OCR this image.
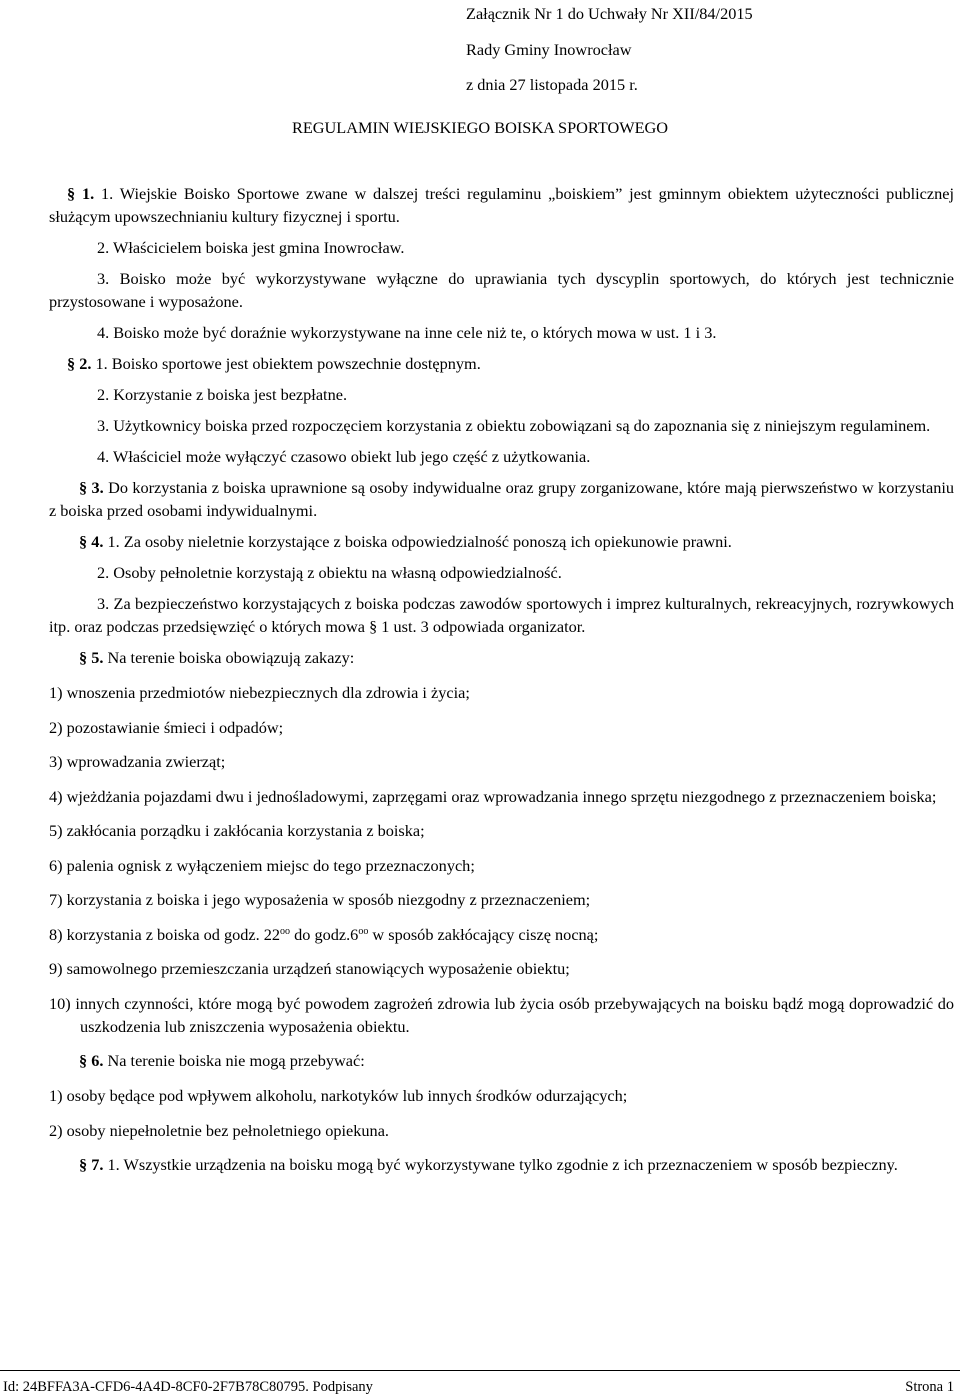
Załącznik Nr 1 do Uchwały Nr XII/84/2015

Rady Gminy Inowrocław

z dnia 27 listopada 2015 r.

REGULAMIN WIEJSKIEGO BOISKA SPORTOWEGO

§ 1. 1. Wiejskie Boisko Sportowe zwane w dalszej treści regulaminu „boiskiem” jest gminnym obiektem użyteczności publicznej służącym upowszechnianiu kultury fizycznej i sportu.

2. Właścicielem boiska jest gmina Inowrocław.

3. Boisko może być wykorzystywane wyłączne do uprawiania tych dyscyplin sportowych, do których jest technicznie przystosowane i wyposażone.

4. Boisko może być doraźnie wykorzystywane na inne cele niż te, o których mowa w ust. 1 i 3.

§ 2. 1. Boisko sportowe jest obiektem powszechnie dostępnym.

2. Korzystanie z boiska jest bezpłatne.

3. Użytkownicy boiska przed rozpoczęciem korzystania z obiektu zobowiązani są do zapoznania się z niniejszym regulaminem.

4. Właściciel może wyłączyć czasowo obiekt lub jego część z użytkowania.

§ 3. Do korzystania z boiska uprawnione są osoby indywidualne oraz grupy zorganizowane, które mają pierwszeństwo w korzystaniu z boiska przed osobami indywidualnymi.

§ 4. 1. Za osoby nieletnie korzystające z boiska odpowiedzialność ponoszą ich opiekunowie prawni.

2. Osoby pełnoletnie korzystają z obiektu na własną odpowiedzialność.

3. Za bezpieczeństwo korzystających z boiska podczas zawodów sportowych i imprez kulturalnych, rekreacyjnych, rozrywkowych itp. oraz podczas przedsięwzięć o których mowa § 1 ust. 3 odpowiada organizator.

§ 5. Na terenie boiska obowiązują zakazy:

1) wnoszenia przedmiotów niebezpiecznych dla zdrowia i życia;

2) pozostawianie śmieci i odpadów;

3) wprowadzania zwierząt;

4) wjeżdżania pojazdami dwu i jednośladowymi, zaprzęgami oraz wprowadzania innego sprzętu niezgodnego z przeznaczeniem boiska;

5) zakłócania porządku i zakłócania korzystania z boiska;

6) palenia ognisk z wyłączeniem miejsc do tego przeznaczonych;

7) korzystania z boiska i jego wyposażenia w sposób niezgodny z przeznaczeniem;

8) korzystania z boiska od godz. $22^{oo}$ do $godz.6^{oo}$ w sposób zakłócający ciszę nocną;

9) samowolnego przemieszczania urządzeń stanowiących wyposażenie obiektu;

10) innych czynności, które mogą być powodem zagrożeń zdrowia lub życia osób przebywających na boisku bądź mogą doprowadzić do uszkodzenia lub zniszczenia wyposażenia obiektu.

§ 6. Na terenie boiska nie mogą przebywać:

1) osoby będące pod wpływem alkoholu, narkotyków lub innych środków odurzających;

2) osoby niepełnoletnie bez pełnoletniego opiekuna.

§ 7. 1. Wszystkie urządzenia na boisku mogą być wykorzystywane tylko zgodnie z ich przeznaczeniem w sposób bezpieczny.

Id: 24BFFA3A-CFD6-4A4D-8CF0-2F7B78C80795. Podpisany	Strona 1
